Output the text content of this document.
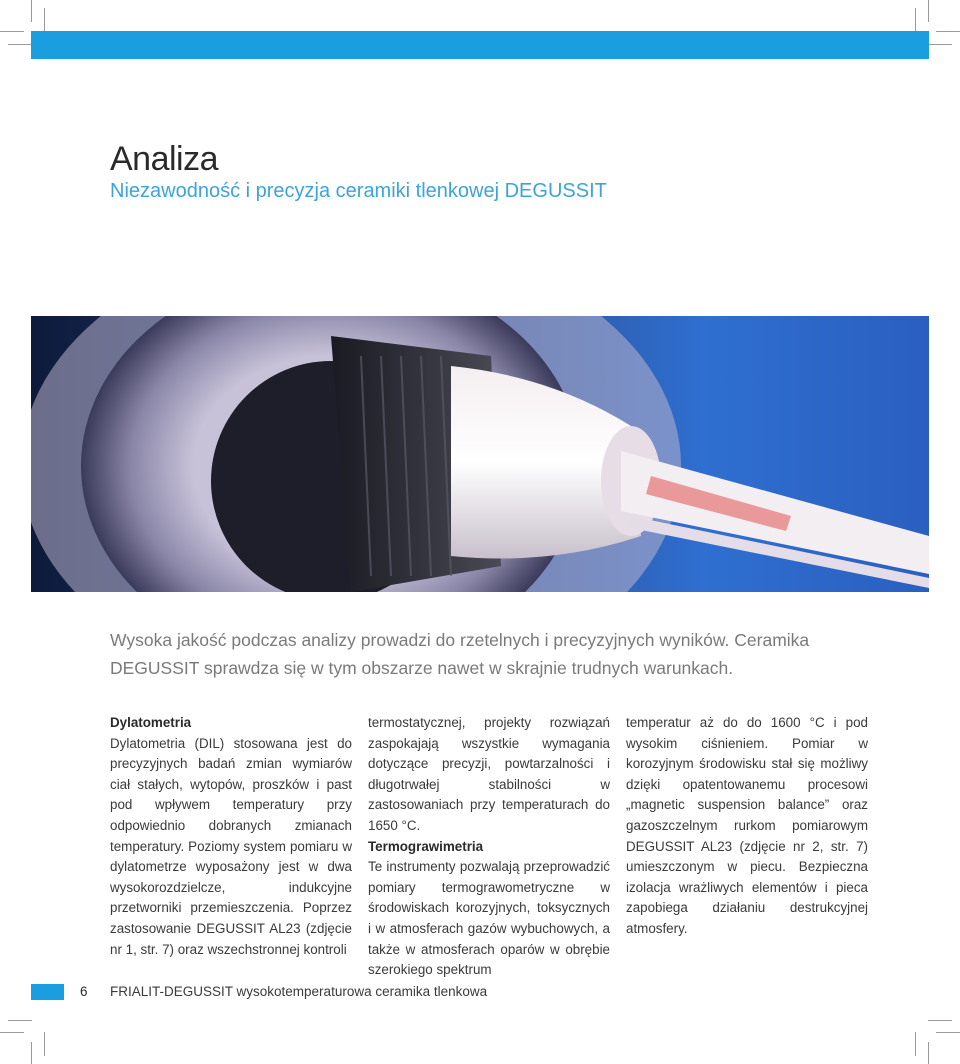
Analiza

Niezawodność i precyzja ceramiki tlenkowej DEGUSSIT

Wysoka jakość podczas analizy prowadzi do rzetelnych i precyzyjnych wyników. Ceramika DEGUSSIT sprawdza się w tym obszarze nawet w skrajnie trudnych warunkach.

Dylatometria

Dylatometria (DIL) stosowana jest do precyzyjnych badań zmian wymiarów ciał stałych, wytopów, proszków i past pod wpływem temperatury przy odpowiednio dobranych zmianach temperatury. Poziomy system pomiaru w dylatometrze wyposażony jest w dwa wysokorozdzielcze, indukcyjne przetworniki przemieszczenia. Poprzez zastosowanie DEGUSSIT AL23 (zdjęcie nr 1, str. 7) oraz wszechstronnej kontroli

termostatycznej, projekty rozwiązań zaspokajają wszystkie wymagania dotyczące precyzji, powtarzalności i długotrwałej stabilności w zastosowaniach przy temperaturach do 1650 °C.

Termograwimetria

Te instrumenty pozwalają przeprowadzić pomiary termograwometryczne w środowiskach korozyjnych, toksycznych i w atmosferach gazów wybuchowych, a także w atmosferach oparów w obrębie szerokiego spektrum

temperatur aż do do 1600 °C i pod wysokim ciśnieniem. Pomiar w korozyjnym środowisku stał się możliwy dzięki opatentowanemu procesowi „magnetic suspension balance” oraz gazoszczelnym rurkom pomiarowym DEGUSSIT AL23 (zdjęcie nr 2, str. 7) umieszczonym w piecu. Bezpieczna izolacja wrażliwych elementów i pieca zapobiega działaniu destrukcyjnej atmosfery.

6 FRIALIT-DEGUSSIT wysokotemperaturowa ceramika tlenkowa
